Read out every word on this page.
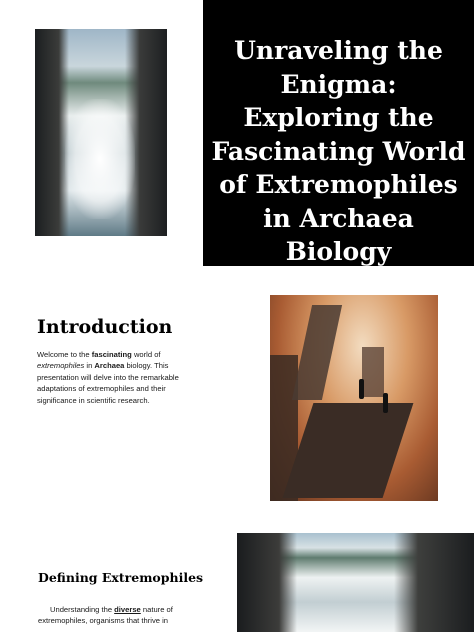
Unraveling the Enigma: Exploring the Fascinating World of Extremophiles in Archaea Biology
Introduction

Welcome to the fascinating world of extremophiles in Archaea biology. This presentation will delve into the remarkable adaptations of extremophiles and their significance in scientific research.

Defining Extremophiles

Understanding the diverse nature of extremophiles, organisms that thrive in
